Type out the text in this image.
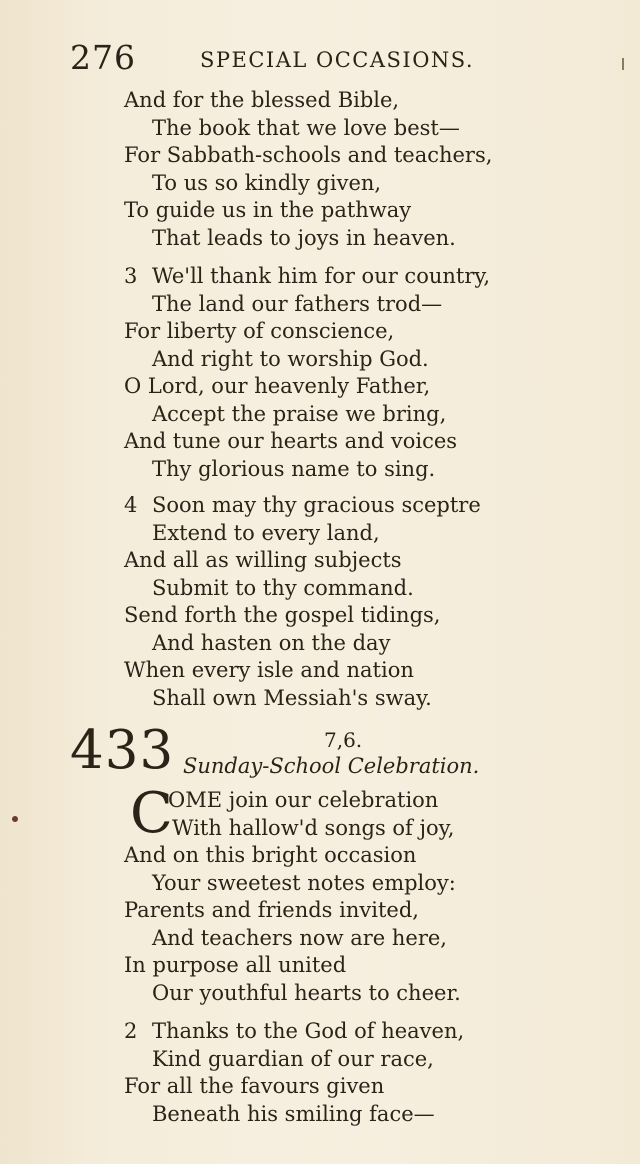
276	SPECIAL OCCASIONS.
And for the blessed Bible,
The book that we love best—
For Sabbath-schools and teachers,
To us so kindly given,
To guide us in the pathway
That leads to joys in heaven.
3 We'll thank him for our country,
The land our fathers trod—
For liberty of conscience,
And right to worship God.
O Lord, our heavenly Father,
Accept the praise we bring,
And tune our hearts and voices
Thy glorious name to sing.
4 Soon may thy gracious sceptre
Extend to every land,
And all as willing subjects
Submit to thy command.
Send forth the gospel tidings,
And hasten on the day
When every isle and nation
Shall own Messiah's sway.
433	7,6.
Sunday-School Celebration.
C
OME join our celebration
With hallow'd songs of joy,
And on this bright occasion
Your sweetest notes employ:
Parents and friends invited,
And teachers now are here,
In purpose all united
Our youthful hearts to cheer.
2 Thanks to the God of heaven,
Kind guardian of our race,
For all the favours given
Beneath his smiling face—
